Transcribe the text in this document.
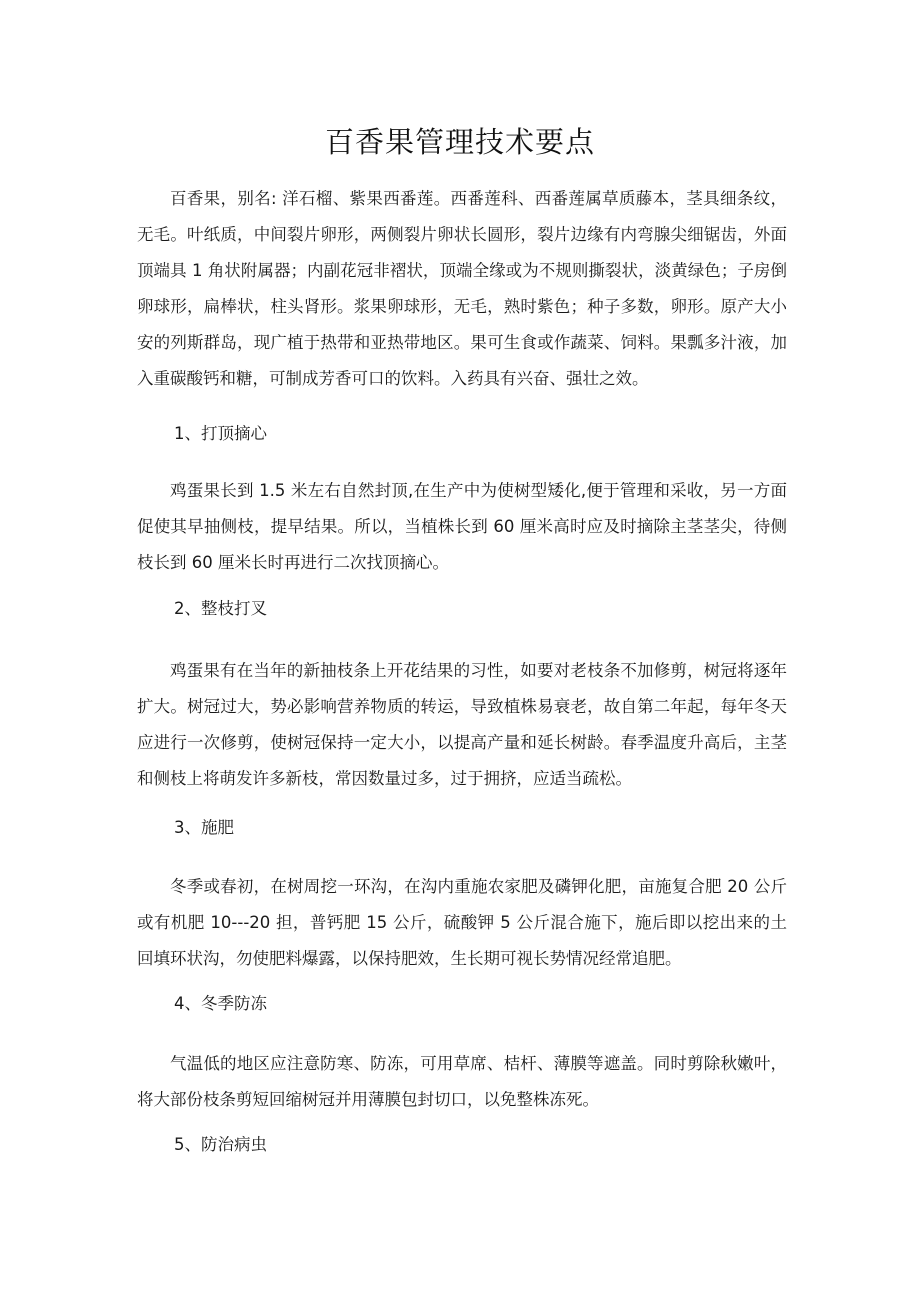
百香果管理技术要点

百香果，别名: 洋石榴、紫果西番莲。西番莲科、西番莲属草质藤本，茎具细条纹，无毛。叶纸质，中间裂片卵形，两侧裂片卵状长圆形，裂片边缘有内弯腺尖细锯齿，外面顶端具 1 角状附属器；内副花冠非褶状，顶端全缘或为不规则撕裂状，淡黄绿色；子房倒卵球形，扁棒状，柱头肾形。浆果卵球形，无毛，熟时紫色；种子多数，卵形。原产大小安的列斯群岛，现广植于热带和亚热带地区。果可生食或作蔬菜、饲料。果瓢多汁液，加入重碳酸钙和糖，可制成芳香可口的饮料。入药具有兴奋、强壮之效。

1、打顶摘心

鸡蛋果长到 1.5 米左右自然封顶,在生产中为使树型矮化,便于管理和采收，另一方面促使其早抽侧枝，提早结果。所以，当植株长到 60 厘米高时应及时摘除主茎茎尖，待侧枝长到 60 厘米长时再进行二次找顶摘心。

2、整枝打叉

鸡蛋果有在当年的新抽枝条上开花结果的习性，如要对老枝条不加修剪，树冠将逐年扩大。树冠过大，势必影响营养物质的转运，导致植株易衰老，故自第二年起，每年冬天应进行一次修剪，使树冠保持一定大小，以提高产量和延长树龄。春季温度升高后，主茎和侧枝上将萌发许多新枝，常因数量过多，过于拥挤，应适当疏松。

3、施肥

冬季或春初，在树周挖一环沟，在沟内重施农家肥及磷钾化肥，亩施复合肥 20 公斤或有机肥 10---20 担，普钙肥 15 公斤，硫酸钾 5 公斤混合施下，施后即以挖出来的土回填环状沟，勿使肥料爆露，以保持肥效，生长期可视长势情况经常追肥。

4、冬季防冻

气温低的地区应注意防寒、防冻，可用草席、桔杆、薄膜等遮盖。同时剪除秋嫩叶，将大部份枝条剪短回缩树冠并用薄膜包封切口，以免整株冻死。

5、防治病虫
